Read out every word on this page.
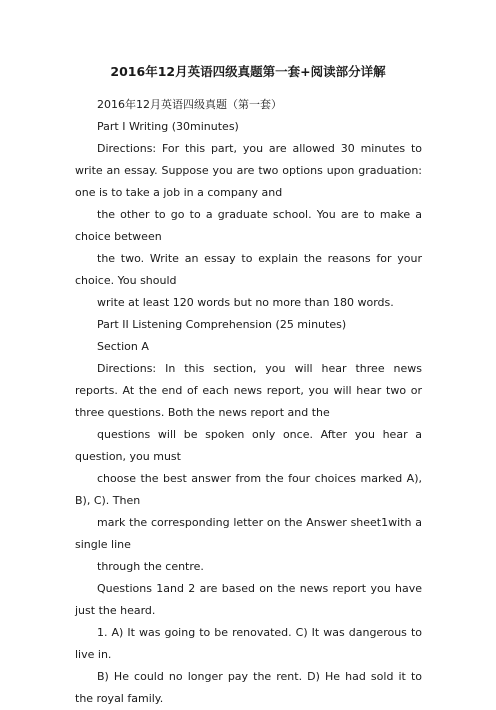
2016年12月英语四级真题第一套+阅读部分详解

2016年12月英语四级真题（第一套）

Part I Writing (30minutes)

Directions: For this part, you are allowed 30 minutes to write an essay. Suppose you are two options upon graduation: one is to take a job in a company and

the other to go to a graduate school. You are to make a choice between

the two. Write an essay to explain the reasons for your choice. You should

write at least 120 words but no more than 180 words.

Part II Listening Comprehension (25 minutes)

Section A

Directions: In this section, you will hear three news reports. At the end of each news report, you will hear two or three questions. Both the news report and the

questions will be spoken only once. After you hear a question, you must

choose the best answer from the four choices marked A), B), C). Then

mark the corresponding letter on the Answer sheet1with a single line

through the centre.

Questions 1and 2 are based on the news report you have just the heard.

1. A) It was going to be renovated. C) It was dangerous to live in.

B) He could no longer pay the rent. D) He had sold it to the royal family.
